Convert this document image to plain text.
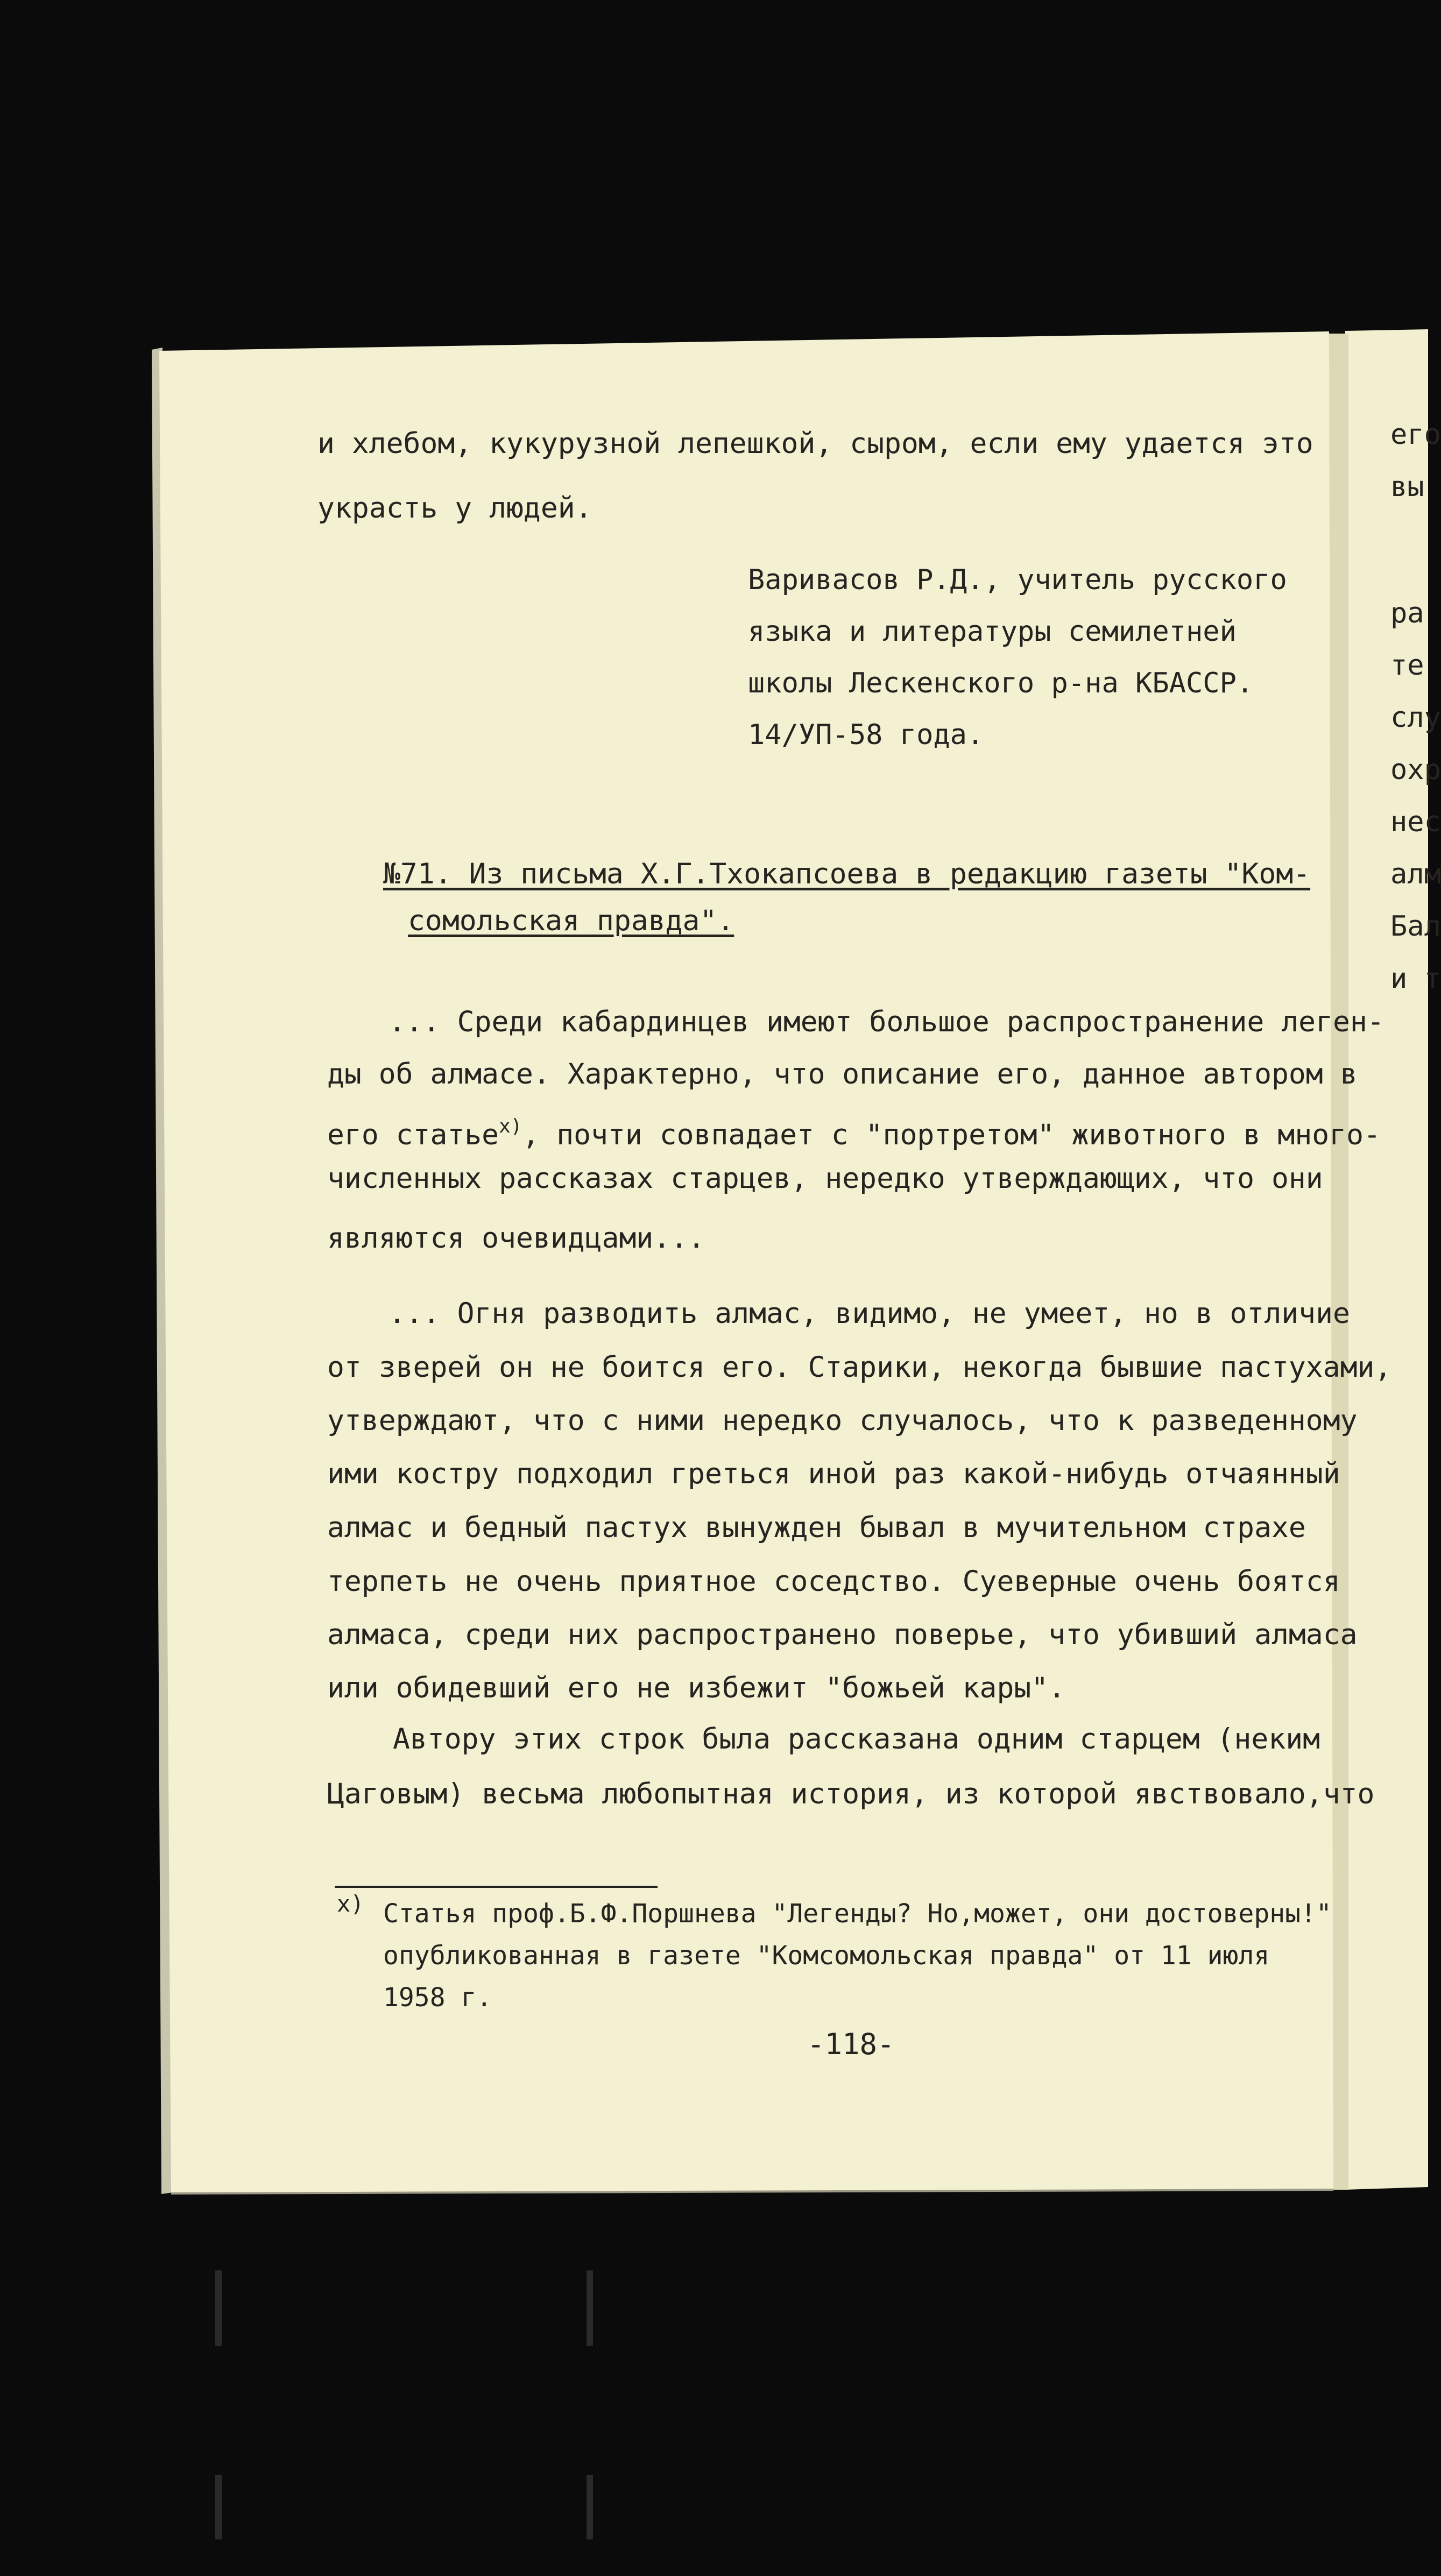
и хлебом, кукурузной лепешкой, сыром, если ему удается это

украсть у людей.

Варивасов Р.Д., учитель русского

языка и литературы семилетней

школы Лескенского р-на КБАССР.

14/УП-58 года.

№71. Из письма Х.Г.Тхокапсоева в редакцию газеты "Ком-

сомольская правда".

... Среди кабардинцев имеют большое распространение леген-

ды об алмасе. Характерно, что описание его, данное автором в

его статье$^{x)}$, почти совпадает с "портретом" животного в много-

численных рассказах старцев, нередко утверждающих, что они

являются очевидцами...

... Огня разводить алмас, видимо, не умеет, но в отличие

от зверей он не боится его. Старики, некогда бывшие пастухами,

утверждают, что с ними нередко случалось, что к разведенному

ими костру подходил греться иной раз какой-нибудь отчаянный

алмас и бедный пастух вынужден бывал в мучительном страхе

терпеть не очень приятное соседство. Суеверные очень боятся

алмаса, среди них распространено поверье, что убивший алмаса

или обидевший его не избежит "божьей кары".

Автору этих строк была рассказана одним старцем (неким

Цаговым) весьма любопытная история, из которой явствовало,что

x) Статья проф.Б.Ф.Поршнева "Легенды? Но,может, они достоверны!"

опубликованная в газете "Комсомольская правда" от 11 июля

1958 г.

-118-

его

вы

ра

те

слу

охр

нес

алм

Бал

и т
